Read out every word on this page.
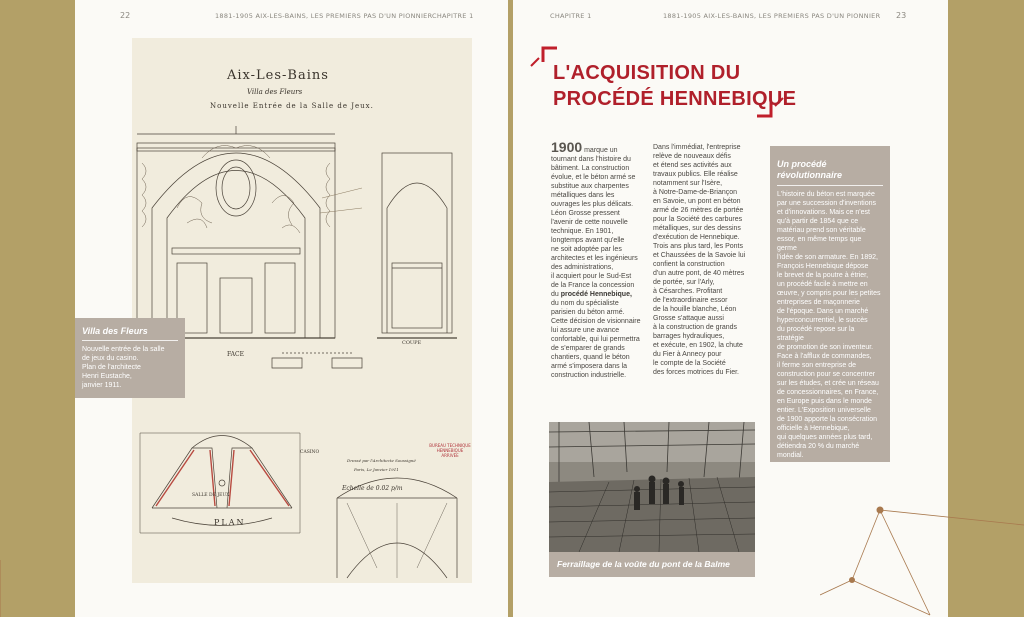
22	1881-1905 AIX-LES-BAINS, LES PREMIERS PAS D'UN PIONNIER CHAPITRE 1
Aix-Les-Bains
Villa des Fleurs
Nouvelle Entrée de la Salle de Jeux.
FACE
PLAN
COUPE
CASINO
SALLE DE JEUX
Echelle de 0.02 p/m
Dressé par l'Architecte Soussigné
Paris, Le Janvier 1911
BUREAU TECHNIQUE
HENNEBIQUE
ARRIVÉE
Villa des Fleurs
Nouvelle entrée de la salle
de jeux du casino.
Plan de l'architecte
Henri Eustache,
janvier 1911.
CHAPITRE 1	1881-1905 AIX-LES-BAINS, LES PREMIERS PAS D'UN PIONNIER 23
L'ACQUISITION DU
PROCÉDÉ HENNEBIQUE
1900 marque un
tournant dans l'histoire du
bâtiment. La construction
évolue, et le béton armé se
substitue aux charpentes
métalliques dans les
ouvrages les plus délicats.
Léon Grosse pressent
l'avenir de cette nouvelle
technique. En 1901,
longtemps avant qu'elle
ne soit adoptée par les
architectes et les ingénieurs
des administrations,
il acquiert pour le Sud-Est
de la France la concession
du procédé Hennebique,
du nom du spécialiste
parisien du béton armé.
Cette décision de visionnaire
lui assure une avance
confortable, qui lui permettra
de s'emparer de grands
chantiers, quand le béton
armé s'imposera dans la
construction industrielle.
Dans l'immédiat, l'entreprise
relève de nouveaux défis
et étend ses activités aux
travaux publics. Elle réalise
notamment sur l'Isère,
à Notre-Dame-de-Briançon
en Savoie, un pont en béton
armé de 26 mètres de portée
pour la Société des carbures
métalliques, sur des dessins
d'exécution de Hennebique.
Trois ans plus tard, les Ponts
et Chaussées de la Savoie lui
confient la construction
d'un autre pont, de 40 mètres
de portée, sur l'Arly,
à Césarches. Profitant
de l'extraordinaire essor
de la houille blanche, Léon
Grosse s'attaque aussi
à la construction de grands
barrages hydrauliques,
et exécute, en 1902, la chute
du Fier à Annecy pour
le compte de la Société
des forces motrices du Fier.
Un procédé
révolutionnaire
L'histoire du béton est marquée
par une succession d'inventions
et d'innovations. Mais ce n'est
qu'à partir de 1854 que ce
matériau prend son véritable
essor, en même temps que germe
l'idée de son armature. En 1892,
François Hennebique dépose
le brevet de la poutre à étrier,
un procédé facile à mettre en
œuvre, y compris pour les petites
entreprises de maçonnerie
de l'époque. Dans un marché
hyperconcurrentiel, le succès
du procédé repose sur la stratégie
de promotion de son inventeur.
Face à l'afflux de commandes,
il ferme son entreprise de
construction pour se concentrer
sur les études, et crée un réseau
de concessionnaires, en France,
en Europe puis dans le monde
entier. L'Exposition universelle
de 1900 apporte la consécration
officielle à Hennebique,
qui quelques années plus tard,
détiendra 20 % du marché
mondial.
Ferraillage de la voûte du pont de la Balme
